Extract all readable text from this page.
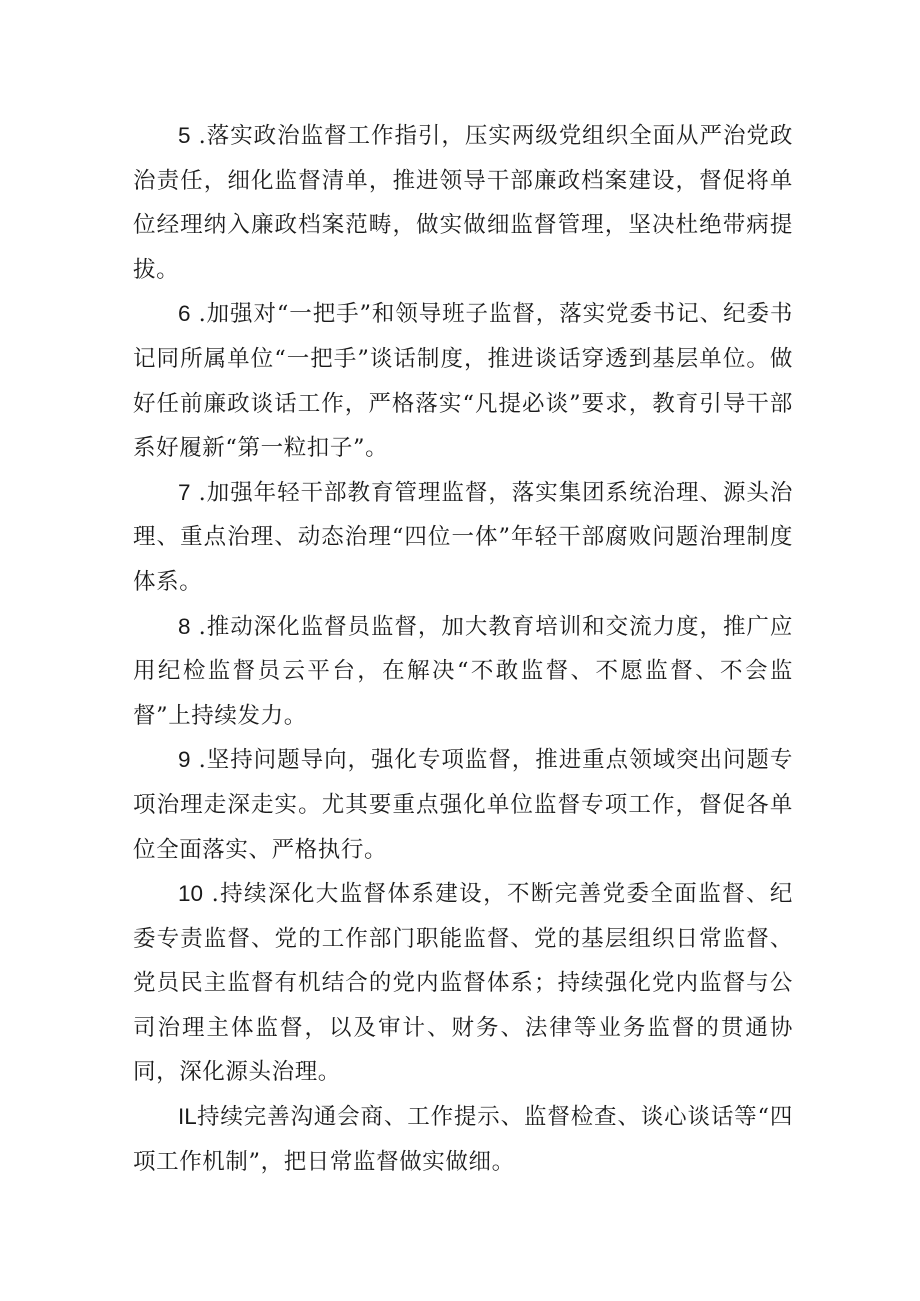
5 .落实政治监督工作指引，压实两级党组织全面从严治党政治责任，细化监督清单，推进领导干部廉政档案建设，督促将单位经理纳入廉政档案范畴，做实做细监督管理，坚决杜绝带病提拔。

6 .加强对“一把手”和领导班子监督，落实党委书记、纪委书记同所属单位“一把手”谈话制度，推进谈话穿透到基层单位。做好任前廉政谈话工作，严格落实“凡提必谈”要求，教育引导干部系好履新“第一粒扣子”。

7 .加强年轻干部教育管理监督，落实集团系统治理、源头治理、重点治理、动态治理“四位一体”年轻干部腐败问题治理制度体系。

8 .推动深化监督员监督，加大教育培训和交流力度，推广应用纪检监督员云平台，在解决“不敢监督、不愿监督、不会监督”上持续发力。

9 .坚持问题导向，强化专项监督，推进重点领域突出问题专项治理走深走实。尤其要重点强化单位监督专项工作，督促各单位全面落实、严格执行。

10 .持续深化大监督体系建设，不断完善党委全面监督、纪委专责监督、党的工作部门职能监督、党的基层组织日常监督、党员民主监督有机结合的党内监督体系；持续强化党内监督与公司治理主体监督，以及审计、财务、法律等业务监督的贯通协同，深化源头治理。

IL持续完善沟通会商、工作提示、监督检查、谈心谈话等“四项工作机制”，把日常监督做实做细。
